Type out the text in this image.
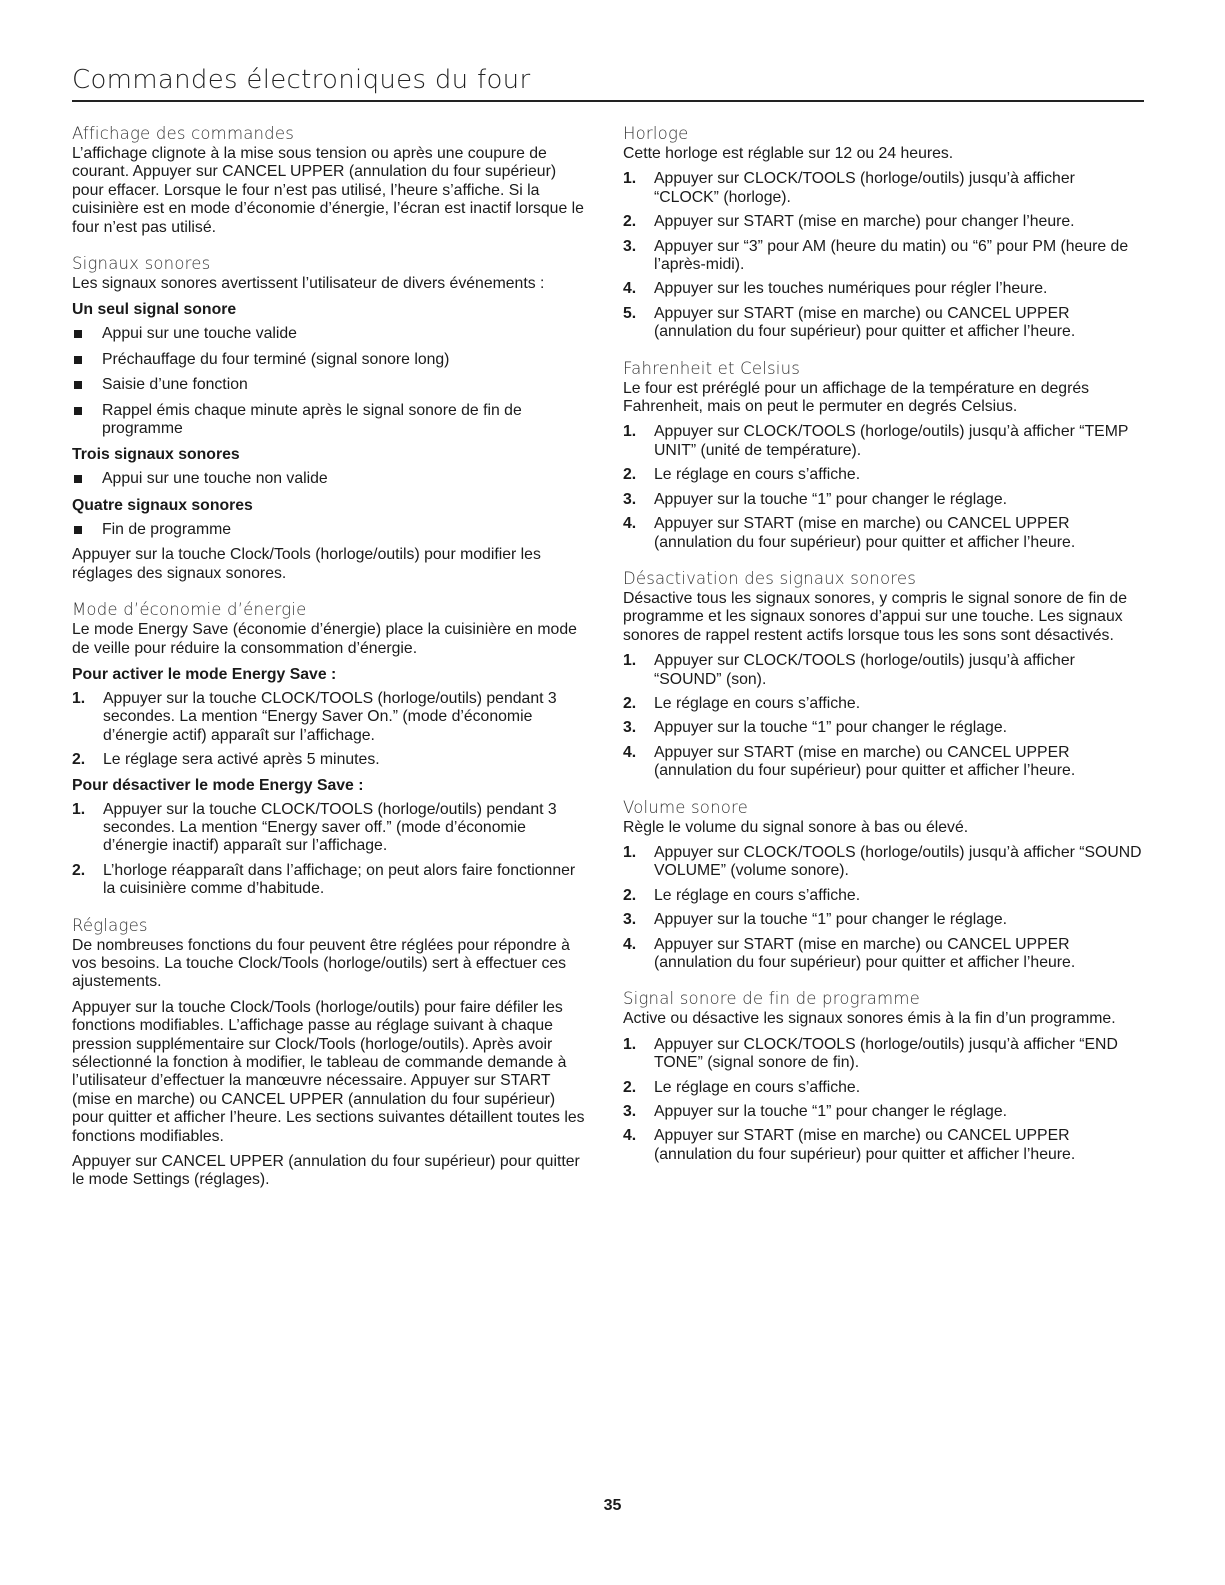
Commandes électroniques du four
Affichage des commandes

L’affichage clignote à la mise sous tension ou après une coupure de courant. Appuyer sur CANCEL UPPER (annulation du four supérieur) pour effacer. Lorsque le four n’est pas utilisé, l’heure s’affiche. Si la cuisinière est en mode d’économie d’énergie, l’écran est inactif lorsque le four n’est pas utilisé.

Signaux sonores

Les signaux sonores avertissent l’utilisateur de divers événements :

Un seul signal sonore
Appui sur une touche valide
Préchauffage du four terminé (signal sonore long)
Saisie d’une fonction
Rappel émis chaque minute après le signal sonore de fin de programme
Trois signaux sonores
Appui sur une touche non valide
Quatre signaux sonores
Fin de programme

Appuyer sur la touche Clock/Tools (horloge/outils) pour modifier les réglages des signaux sonores.

Mode d’économie d’énergie

Le mode Energy Save (économie d’énergie) place la cuisinière en mode de veille pour réduire la consommation d’énergie.

Pour activer le mode Energy Save :
1. Appuyer sur la touche CLOCK/TOOLS (horloge/outils) pendant 3 secondes. La mention “Energy Saver On.” (mode d’économie d’énergie actif) apparaît sur l’affichage.
2. Le réglage sera activé après 5 minutes.
Pour désactiver le mode Energy Save :
1. Appuyer sur la touche CLOCK/TOOLS (horloge/outils) pendant 3 secondes. La mention “Energy saver off.” (mode d’économie d’énergie inactif) apparaît sur l’affichage.
2. L’horloge réapparaît dans l’affichage; on peut alors faire fonctionner la cuisinière comme d’habitude.
Réglages

De nombreuses fonctions du four peuvent être réglées pour répondre à vos besoins. La touche Clock/Tools (horloge/outils) sert à effectuer ces ajustements.

Appuyer sur la touche Clock/Tools (horloge/outils) pour faire défiler les fonctions modifiables. L’affichage passe au réglage suivant à chaque pression supplémentaire sur Clock/Tools (horloge/outils). Après avoir sélectionné la fonction à modifier, le tableau de commande demande à l’utilisateur d’effectuer la manœuvre nécessaire. Appuyer sur START (mise en marche) ou CANCEL UPPER (annulation du four supérieur) pour quitter et afficher l’heure. Les sections suivantes détaillent toutes les fonctions modifiables.

Appuyer sur CANCEL UPPER (annulation du four supérieur) pour quitter le mode Settings (réglages).

Horloge

Cette horloge est réglable sur 12 ou 24 heures.

1. Appuyer sur CLOCK/TOOLS (horloge/outils) jusqu’à afficher “CLOCK” (horloge).
2. Appuyer sur START (mise en marche) pour changer l’heure.
3. Appuyer sur “3” pour AM (heure du matin) ou “6” pour PM (heure de l’après-midi).
4. Appuyer sur les touches numériques pour régler l’heure.
5. Appuyer sur START (mise en marche) ou CANCEL UPPER (annulation du four supérieur) pour quitter et afficher l’heure.
Fahrenheit et Celsius

Le four est préréglé pour un affichage de la température en degrés Fahrenheit, mais on peut le permuter en degrés Celsius.

1. Appuyer sur CLOCK/TOOLS (horloge/outils) jusqu’à afficher “TEMP UNIT” (unité de température).
2. Le réglage en cours s’affiche.
3. Appuyer sur la touche “1” pour changer le réglage.
4. Appuyer sur START (mise en marche) ou CANCEL UPPER (annulation du four supérieur) pour quitter et afficher l’heure.
Désactivation des signaux sonores

Désactive tous les signaux sonores, y compris le signal sonore de fin de programme et les signaux sonores d’appui sur une touche. Les signaux sonores de rappel restent actifs lorsque tous les sons sont désactivés.

1. Appuyer sur CLOCK/TOOLS (horloge/outils) jusqu’à afficher “SOUND” (son).
2. Le réglage en cours s’affiche.
3. Appuyer sur la touche “1” pour changer le réglage.
4. Appuyer sur START (mise en marche) ou CANCEL UPPER (annulation du four supérieur) pour quitter et afficher l’heure.
Volume sonore

Règle le volume du signal sonore à bas ou élevé.

1. Appuyer sur CLOCK/TOOLS (horloge/outils) jusqu’à afficher “SOUND VOLUME” (volume sonore).
2. Le réglage en cours s’affiche.
3. Appuyer sur la touche “1” pour changer le réglage.
4. Appuyer sur START (mise en marche) ou CANCEL UPPER (annulation du four supérieur) pour quitter et afficher l’heure.
Signal sonore de fin de programme

Active ou désactive les signaux sonores émis à la fin d’un programme.

1. Appuyer sur CLOCK/TOOLS (horloge/outils) jusqu’à afficher “END TONE” (signal sonore de fin).
2. Le réglage en cours s’affiche.
3. Appuyer sur la touche “1” pour changer le réglage.
4. Appuyer sur START (mise en marche) ou CANCEL UPPER (annulation du four supérieur) pour quitter et afficher l’heure.
35
